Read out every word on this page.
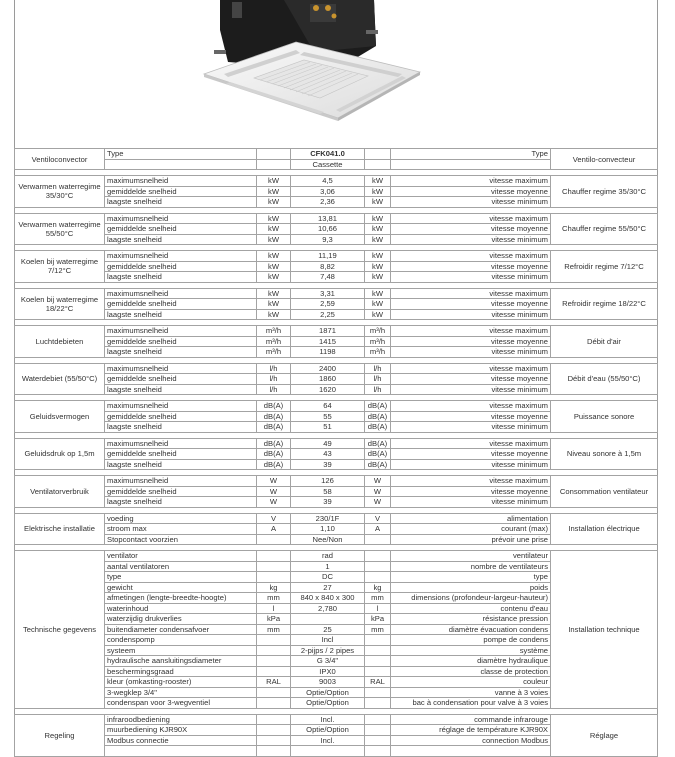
Ventiloconvector	Type		CFK041.0		Type	Ventilo-convecteur
			Cassette			

Verwarmen waterregime 35/30°C	maximumsnelheid	kW	4,5	kW	vitesse maximum	Chauffer regime 35/30°C
	gemiddelde snelheid	kW	3,06	kW	vitesse moyenne	
	laagste snelheid	kW	2,36	kW	vitesse minimum	

Verwarmen waterregime 55/50°C	maximumsnelheid	kW	13,81	kW	vitesse maximum	Chauffer regime 55/50°C
	gemiddelde snelheid	kW	10,66	kW	vitesse moyenne	
	laagste snelheid	kW	9,3	kW	vitesse minimum	

Koelen bij waterregime 7/12°C	maximumsnelheid	kW	11,19	kW	vitesse maximum	Refroidir regime 7/12°C
	gemiddelde snelheid	kW	8,82	kW	vitesse moyenne	
	laagste snelheid	kW	7,48	kW	vitesse minimum	

Koelen bij waterregime 18/22°C	maximumsnelheid	kW	3,31	kW	vitesse maximum	Refroidir regime 18/22°C
	gemiddelde snelheid	kW	2,59	kW	vitesse moyenne	
	laagste snelheid	kW	2,25	kW	vitesse minimum	

Luchtdebieten	maximumsnelheid	m³/h	1871	m³/h	vitesse maximum	Débit d'air
	gemiddelde snelheid	m³/h	1415	m³/h	vitesse moyenne	
	laagste snelheid	m³/h	1198	m³/h	vitesse minimum	

Waterdebiet (55/50°C)	maximumsnelheid	l/h	2400	l/h	vitesse maximum	Débit d'eau (55/50°C)
	gemiddelde snelheid	l/h	1860	l/h	vitesse moyenne	
	laagste snelheid	l/h	1620	l/h	vitesse minimum	

Geluidsvermogen	maximumsnelheid	dB(A)	64	dB(A)	vitesse maximum	Puissance sonore
	gemiddelde snelheid	dB(A)	55	dB(A)	vitesse moyenne	
	laagste snelheid	dB(A)	51	dB(A)	vitesse minimum	

Geluidsdruk op 1,5m	maximumsnelheid	dB(A)	49	dB(A)	vitesse maximum	Niveau sonore à 1,5m
	gemiddelde snelheid	dB(A)	43	dB(A)	vitesse moyenne	
	laagste snelheid	dB(A)	39	dB(A)	vitesse minimum	

Ventilatorverbruik	maximumsnelheid	W	126	W	vitesse maximum	Consommation ventilateur
	gemiddelde snelheid	W	58	W	vitesse moyenne	
	laagste snelheid	W	39	W	vitesse minimum	

Elektrische installatie	voeding	V	230/1F	V	alimentation	Installation électrique
	stroom max	A	1,10	A	courant (max)	
	Stopcontact voorzien		Nee/Non		prévoir une prise	

Technische gegevens	ventilator		rad		ventilateur	Installation technique
	aantal ventilatoren		1		nombre de ventilateurs	
	type		DC		type	
	gewicht	kg	27	kg	poids	
	afmetingen (lengte-breedte-hoogte)	mm	840 x 840 x 300	mm	dimensions (profondeur-largeur-hauteur)	
	waterinhoud	l	2,780	l	contenu d'eau	
	waterzijdig drukverlies	kPa		kPa	résistance pression	
	buitendiameter condensafvoer	mm	25	mm	diamètre évacuation condens	
	condenspomp		Incl		pompe de condens	
	systeem		2-pijps / 2 pipes		système	
	hydraulische aansluitingsdiameter		G 3/4"		diamètre hydraulique	
	beschermingsgraad		IPX0		classe de protection	
	kleur (omkasting-rooster)	RAL	9003	RAL	couleur	
	3-wegklep 3/4"		Optie/Option		vanne à 3 voies	
	condenspan voor 3-wegventiel		Optie/Option		bac à condensation pour valve à 3 voies	

Regeling	infraroodbediening		Incl.		commande infrarouge	Réglage
	muurbediening KJR90X		Optie/Option		réglage de température KJR90X	
	Modbus connectie		Incl.		connection Modbus	
